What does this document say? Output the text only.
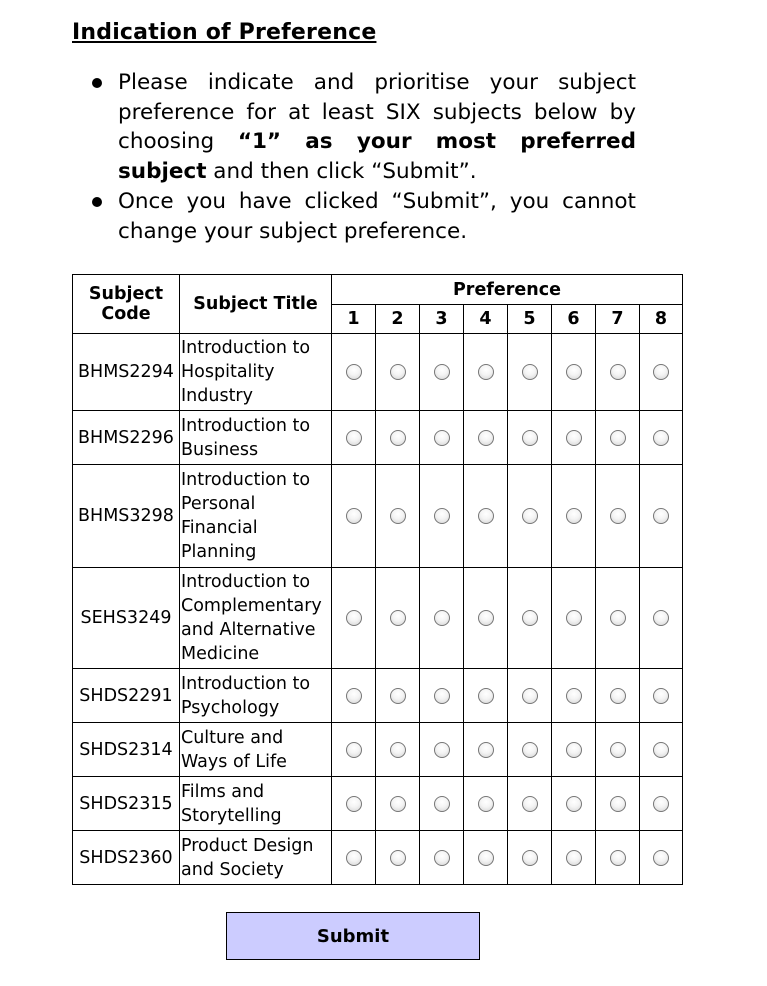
Indication of Preference
Please indicate and prioritise your subject preference for at least SIX subjects below by choosing “1” as your most preferred subject and then click “Submit”.
Once you have clicked “Submit”, you cannot change your subject preference.
Subject Code	Subject Title	Preference							
		1	2	3	4	5	6	7	8
BHMS2294	Introduction to Hospitality Industry								
BHMS2296	Introduction to Business								
BHMS3298	Introduction to Personal Financial Planning								
SEHS3249	Introduction to Complementary and Alternative Medicine								
SHDS2291	Introduction to Psychology								
SHDS2314	Culture and Ways of Life								
SHDS2315	Films and Storytelling								
SHDS2360	Product Design and Society								
Submit
